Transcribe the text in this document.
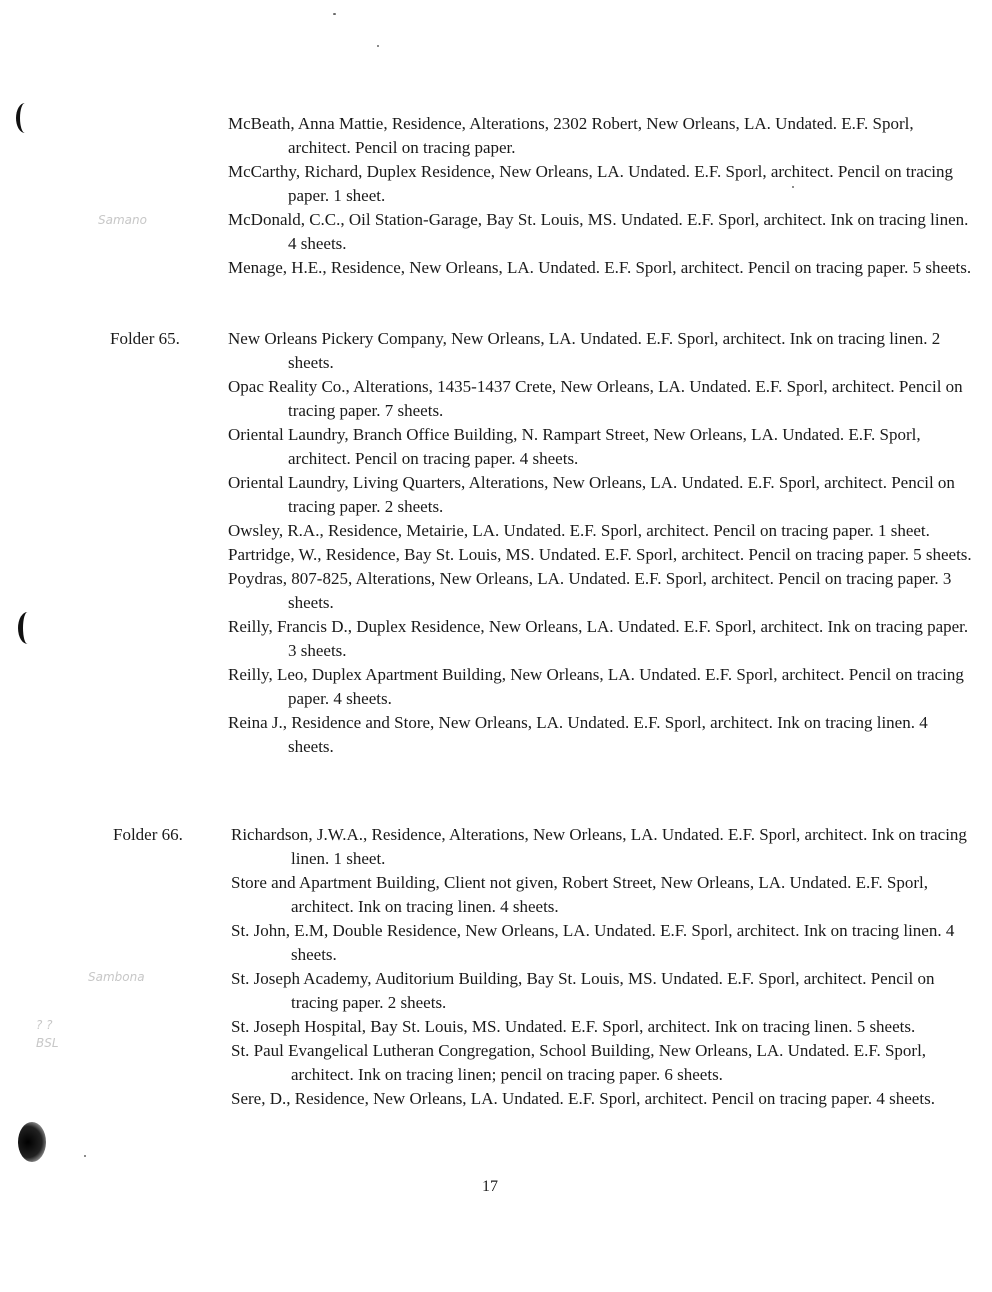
Samano
Sambona
? ?
BSL

McBeath, Anna Mattie, Residence, Alterations, 2302 Robert, New Orleans, LA. Undated. E.F. Sporl, architect. Pencil on tracing paper.

McCarthy, Richard, Duplex Residence, New Orleans, LA. Undated. E.F. Sporl, architect. Pencil on tracing paper. 1 sheet.

McDonald, C.C., Oil Station-Garage, Bay St. Louis, MS. Undated. E.F. Sporl, architect. Ink on tracing linen. 4 sheets.

Menage, H.E., Residence, New Orleans, LA. Undated. E.F. Sporl, architect. Pencil on tracing paper. 5 sheets.

Folder 65.	New Orleans Pickery Company, New Orleans, LA. Undated. E.F. Sporl, architect. Ink on tracing linen. 2 sheets.

Opac Reality Co., Alterations, 1435-1437 Crete, New Orleans, LA. Undated. E.F. Sporl, architect. Pencil on tracing paper. 7 sheets.

Oriental Laundry, Branch Office Building, N. Rampart Street, New Orleans, LA. Undated. E.F. Sporl, architect. Pencil on tracing paper. 4 sheets.

Oriental Laundry, Living Quarters, Alterations, New Orleans, LA. Undated. E.F. Sporl, architect. Pencil on tracing paper. 2 sheets.

Owsley, R.A., Residence, Metairie, LA. Undated. E.F. Sporl, architect. Pencil on tracing paper. 1 sheet.

Partridge, W., Residence, Bay St. Louis, MS. Undated. E.F. Sporl, architect. Pencil on tracing paper. 5 sheets.

Poydras, 807-825, Alterations, New Orleans, LA. Undated. E.F. Sporl, architect. Pencil on tracing paper. 3 sheets.

Reilly, Francis D., Duplex Residence, New Orleans, LA. Undated. E.F. Sporl, architect. Ink on tracing paper. 3 sheets.

Reilly, Leo, Duplex Apartment Building, New Orleans, LA. Undated. E.F. Sporl, architect. Pencil on tracing paper. 4 sheets.

Reina J., Residence and Store, New Orleans, LA. Undated. E.F. Sporl, architect. Ink on tracing linen. 4 sheets.

Folder 66.	Richardson, J.W.A., Residence, Alterations, New Orleans, LA. Undated. E.F. Sporl, architect. Ink on tracing linen. 1 sheet.

Store and Apartment Building, Client not given, Robert Street, New Orleans, LA. Undated. E.F. Sporl, architect. Ink on tracing linen. 4 sheets.

St. John, E.M, Double Residence, New Orleans, LA. Undated. E.F. Sporl, architect. Ink on tracing linen. 4 sheets.

St. Joseph Academy, Auditorium Building, Bay St. Louis, MS. Undated. E.F. Sporl, architect. Pencil on tracing paper. 2 sheets.

St. Joseph Hospital, Bay St. Louis, MS. Undated. E.F. Sporl, architect. Ink on tracing linen. 5 sheets.

St. Paul Evangelical Lutheran Congregation, School Building, New Orleans, LA. Undated. E.F. Sporl, architect. Ink on tracing linen; pencil on tracing paper. 6 sheets.

Sere, D., Residence, New Orleans, LA. Undated. E.F. Sporl, architect. Pencil on tracing paper. 4 sheets.

17
